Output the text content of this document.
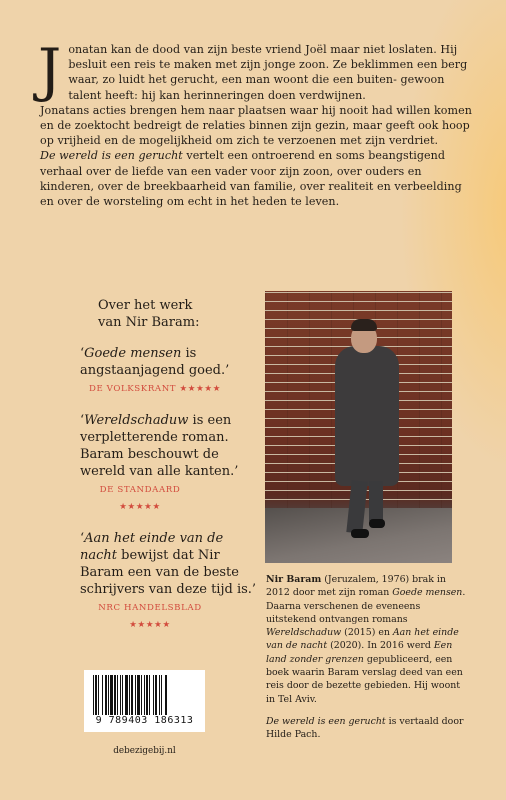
J onatan kan de dood van zijn beste vriend Joël maar niet loslaten. Hij besluit een reis te maken met zijn jonge zoon. Ze beklimmen een berg waar, zo luidt het gerucht, een man woont die een buiten- gewoon talent heeft: hij kan herinneringen doen verdwijnen.

Jonatans acties brengen hem naar plaatsen waar hij nooit had willen komen en de zoektocht bedreigt de relaties binnen zijn gezin, maar geeft ook hoop op vrijheid en de mogelijkheid om zich te verzoenen met zijn verdriet.

De wereld is een gerucht vertelt een ontroerend en soms beangstigend verhaal over de liefde van een vader voor zijn zoon, over ouders en kinderen, over de breekbaarheid van familie, over realiteit en verbeelding en over de worsteling om echt in het heden te leven.

Over het werk
van Nir Baram:

‘Goede mensen is angstaanjagend goed.’

DE VOLKSKRANT ★★★★★

‘Wereldschaduw is een verpletterende roman. Baram beschouwt de wereld van alle kanten.’

DE STANDAARD ★★★★★

‘Aan het einde van de nacht bewijst dat Nir Baram een van de beste schrijvers van deze tijd is.’

NRC HANDELSBLAD ★★★★★

Nir Baram (Jeruzalem, 1976) brak in 2012 door met zijn roman Goede mensen. Daarna verschenen de eveneens uitstekend ontvangen romans Wereldschaduw (2015) en Aan het einde van de nacht (2020). In 2016 werd Een land zonder grenzen gepubliceerd, een boek waarin Baram verslag deed van een reis door de bezette gebieden. Hij woont in Tel Aviv.

De wereld is een gerucht is vertaald door Hilde Pach.

9 789403 186313
debezigebij.nl
